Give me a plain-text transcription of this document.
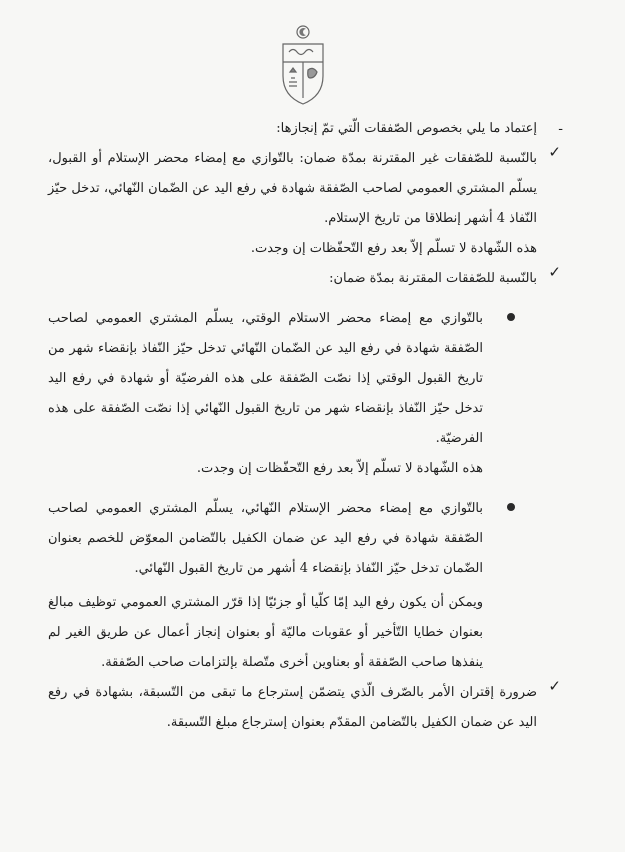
-
إعتماد ما يلي بخصوص الصّفقات الّتي تمّ إنجازها:
✓

بالنّسبة للصّفقات غير المقترنة بمدّة ضمان: بالتّوازي مع إمضاء محضر الإستلام أو القبول، يسلّم المشتري العمومي لصاحب الصّفقة شهادة في رفع اليد عن الضّمان النّهائي، تدخل حيّز النّفاذ 4 أشهر إنطلاقا من تاريخ الإستلام.

هذه الشّهادة لا تسلّم إلاّ بعد رفع التّحفّظات إن وجدت.

✓

بالنّسبة للصّفقات المقترنة بمدّة ضمان:

بالتّوازي مع إمضاء محضر الاستلام الوقتي، يسلّم المشتري العمومي لصاحب الصّفقة شهادة في رفع اليد عن الضّمان النّهائي تدخل حيّز النّفاذ بإنقضاء شهر من تاريخ القبول الوقتي إذا نصّت الصّفقة على هذه الفرضيّة أو شهادة في رفع اليد تدخل حيّز النّفاذ بإنقضاء شهر من تاريخ القبول النّهائي إذا نصّت الصّفقة على هذه الفرضيّة.

هذه الشّهادة لا تسلّم إلاّ بعد رفع التّحفّظات إن وجدت.

بالتّوازي مع إمضاء محضر الإستلام النّهائي، يسلّم المشتري العمومي لصاحب الصّفقة شهادة في رفع اليد عن ضمان الكفيل بالتّضامن المعوّض للخصم بعنوان الضّمان تدخل حيّز النّفاذ بإنقضاء 4 أشهر من تاريخ القبول النّهائي.

ويمكن أن يكون رفع اليد إمّا كلّيا أو جزئيّا إذا قرّر المشتري العمومي توظيف مبالغ بعنوان خطايا التّأخير أو عقوبات ماليّة أو بعنوان إنجاز أعمال عن طريق الغير لم ينفذها صاحب الصّفقة أو بعناوين أخرى متّصلة بإلتزامات صاحب الصّفقة.

✓

ضرورة إقتران الأمر بالصّرف الّذي يتضمّن إسترجاع ما تبقى من التّسبقة، بشهادة في رفع اليد عن ضمان الكفيل بالتّضامن المقدّم بعنوان إسترجاع مبلغ التّسبقة.
